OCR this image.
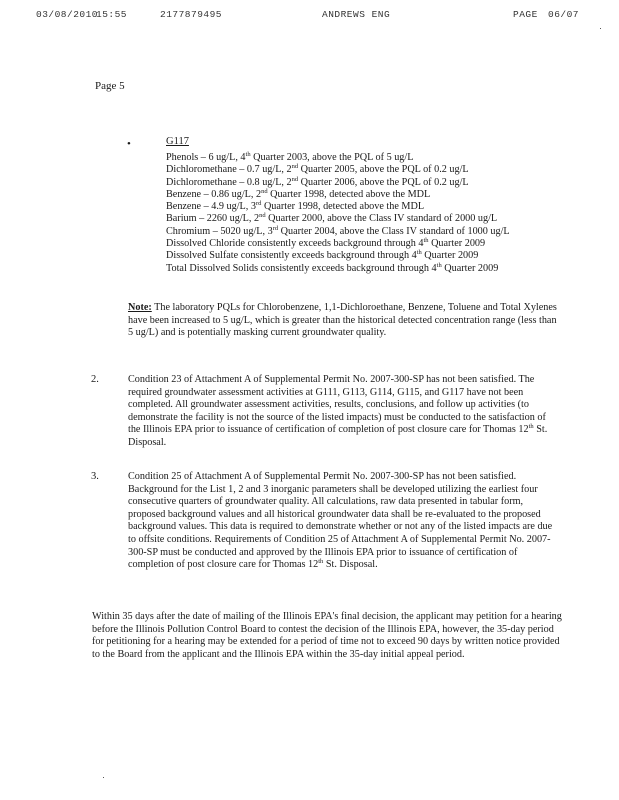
03/08/2010
15:55	2177879495	ANDREWS ENG	PAGE 06/07
Page 5
•	G117
Phenols – 6 ug/L, 4th Quarter 2003, above the PQL of 5 ug/L
Dichloromethane – 0.7 ug/L, 2nd Quarter 2005, above the PQL of 0.2 ug/L
Dichloromethane – 0.8 ug/L, 2nd Quarter 2006, above the PQL of 0.2 ug/L
Benzene – 0.86 ug/L, 2nd Quarter 1998, detected above the MDL
Benzene – 4.9 ug/L, 3rd Quarter 1998, detected above the MDL
Barium – 2260 ug/L, 2nd Quarter 2000, above the Class IV standard of 2000 ug/L
Chromium – 5020 ug/L, 3rd Quarter 2004, above the Class IV standard of 1000 ug/L
Dissolved Chloride consistently exceeds background through 4th Quarter 2009
Dissolved Sulfate consistently exceeds background through 4th Quarter 2009
Total Dissolved Solids consistently exceeds background through 4th Quarter 2009
Note: The laboratory PQLs for Chlorobenzene, 1,1-Dichloroethane, Benzene, Toluene and Total Xylenes have been increased to 5 ug/L, which is greater than the historical detected concentration range (less than 5 ug/L) and is potentially masking current groundwater quality.
2.	Condition 23 of Attachment A of Supplemental Permit No. 2007-300-SP has not been satisfied. The required groundwater assessment activities at G111, G113, G114, G115, and G117 have not been completed. All groundwater assessment activities, results, conclusions, and follow up activities (to demonstrate the facility is not the source of the listed impacts) must be conducted to the satisfaction of the Illinois EPA prior to issuance of certification of completion of post closure care for Thomas 12th St. Disposal.
3.	Condition 25 of Attachment A of Supplemental Permit No. 2007-300-SP has not been satisfied. Background for the List 1, 2 and 3 inorganic parameters shall be developed utilizing the earliest four consecutive quarters of groundwater quality. All calculations, raw data presented in tabular form, proposed background values and all historical groundwater data shall be re-evaluated to the proposed background values. This data is required to demonstrate whether or not any of the listed impacts are due to offsite conditions. Requirements of Condition 25 of Attachment A of Supplemental Permit No. 2007-300-SP must be conducted and approved by the Illinois EPA prior to issuance of certification of completion of post closure care for Thomas 12th St. Disposal.
Within 35 days after the date of mailing of the Illinois EPA's final decision, the applicant may petition for a hearing before the Illinois Pollution Control Board to contest the decision of the Illinois EPA, however, the 35-day period for petitioning for a hearing may be extended for a period of time not to exceed 90 days by written notice provided to the Board from the applicant and the Illinois EPA within the 35-day initial appeal period.
